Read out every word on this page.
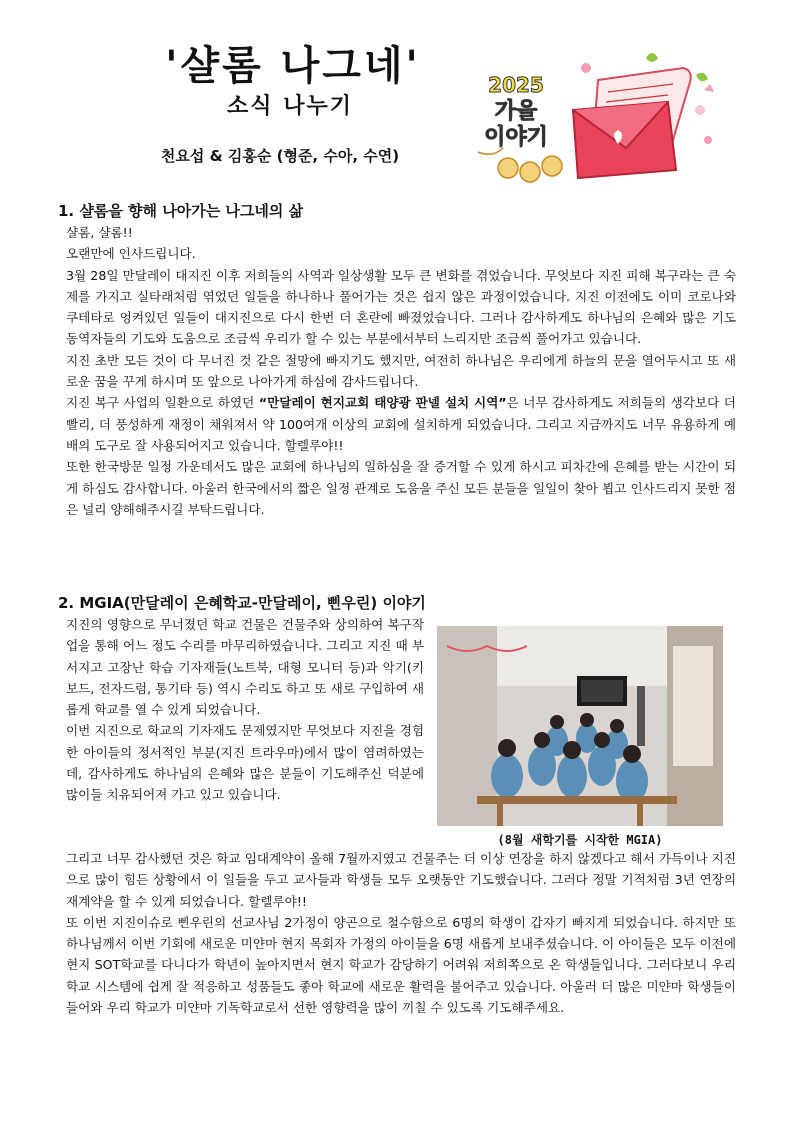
'샬롬 나그네'
소식 나누기
천요섭 & 김홍순 (형준, 수아, 수연)
2025
가을
이야기
1. 샬롬을 향해 나아가는 나그네의 삶

샬롬, 샬롬!!

오랜만에 인사드립니다.

3월 28일 만달레이 대지진 이후 저희들의 사역과 일상생활 모두 큰 변화를 겪었습니다. 무엇보다 지진 피해 복구라는 큰 숙제를 가지고 실타래처럼 엮었던 일들을 하나하나 풀어가는 것은 쉽지 않은 과정이었습니다. 지진 이전에도 이미 코로나와 쿠테타로 엉켜있던 일들이 대지진으로 다시 한번 더 혼란에 빠졌었습니다. 그러나 감사하게도 하나님의 은혜와 많은 기도 동역자들의 기도와 도움으로 조금씩 우리가 할 수 있는 부분에서부터 느리지만 조금씩 풀어가고 있습니다.

지진 초반 모든 것이 다 무너진 것 같은 절망에 빠지기도 했지만, 여전히 하나님은 우리에게 하늘의 문을 열어두시고 또 새로운 꿈을 꾸게 하시며 또 앞으로 나아가게 하심에 감사드립니다.

지진 복구 사업의 일환으로 하였던 “만달레이 현지교회 태양광 판넬 설치 시역”은 너무 감사하게도 저희들의 생각보다 더 빨리, 더 풍성하게 재정이 채워져서 약 100여개 이상의 교회에 설치하게 되었습니다. 그리고 지금까지도 너무 유용하게 예배의 도구로 잘 사용되어지고 있습니다. 할렐루야!!

또한 한국방문 일정 가운데서도 많은 교회에 하나님의 일하심을 잘 증거할 수 있게 하시고 피차간에 은혜를 받는 시간이 되게 하심도 감사합니다. 아울러 한국에서의 짧은 일정 관계로 도움을 주신 모든 분들을 일일이 찾아 뵙고 인사드리지 못한 점은 널리 양해해주시길 부탁드립니다.

2. MGIA(만달레이 은혜학교-만달레이, 삔우린) 이야기

지진의 영향으로 무너졌던 학교 건물은 건물주와 상의하여 복구작업을 통해 어느 정도 수리를 마무리하였습니다. 그리고 지진 때 부서지고 고장난 학습 기자재들(노트북, 대형 모니터 등)과 악기(키보드, 전자드럼, 통기타 등) 역시 수리도 하고 또 새로 구입하여 새롭게 학교를 열 수 있게 되었습니다.

이번 지진으로 학교의 기자재도 문제였지만 무엇보다 지진을 경험한 아이들의 정서적인 부분(지진 트라우마)에서 많이 염려하였는데, 감사하게도 하나님의 은혜와 많은 분들이 기도해주신 덕분에 많이들 치유되어져 가고 있고 있습니다.

(8월 새학기를 시작한 MGIA)

그리고 너무 감사했던 것은 학교 임대계약이 올해 7월까지였고 건물주는 더 이상 연장을 하지 않겠다고 해서 가득이나 지진으로 많이 힘든 상황에서 이 일들을 두고 교사들과 학생들 모두 오랫동안 기도했습니다. 그러다 정말 기적처럼 3년 연장의 재계약을 할 수 있게 되었습니다. 할렐루야!!

또 이번 지진이슈로 삔우린의 선교사님 2가정이 양곤으로 철수함으로 6명의 학생이 갑자기 빠지게 되었습니다. 하지만 또 하나님께서 이번 기회에 새로운 미얀마 현지 목회자 가정의 아이들을 6명 새롭게 보내주셨습니다. 이 아이들은 모두 이전에 현지 SOT학교를 다니다가 학년이 높아지면서 현지 학교가 감당하기 어려워 저희쪽으로 온 학생들입니다. 그러다보니 우리학교 시스템에 쉽게 잘 적응하고 성품들도 좋아 학교에 새로운 활력을 불어주고 있습니다. 아울러 더 많은 미얀마 학생들이 들어와 우리 학교가 미얀마 기독학교로서 선한 영향력을 많이 끼칠 수 있도록 기도해주세요.
